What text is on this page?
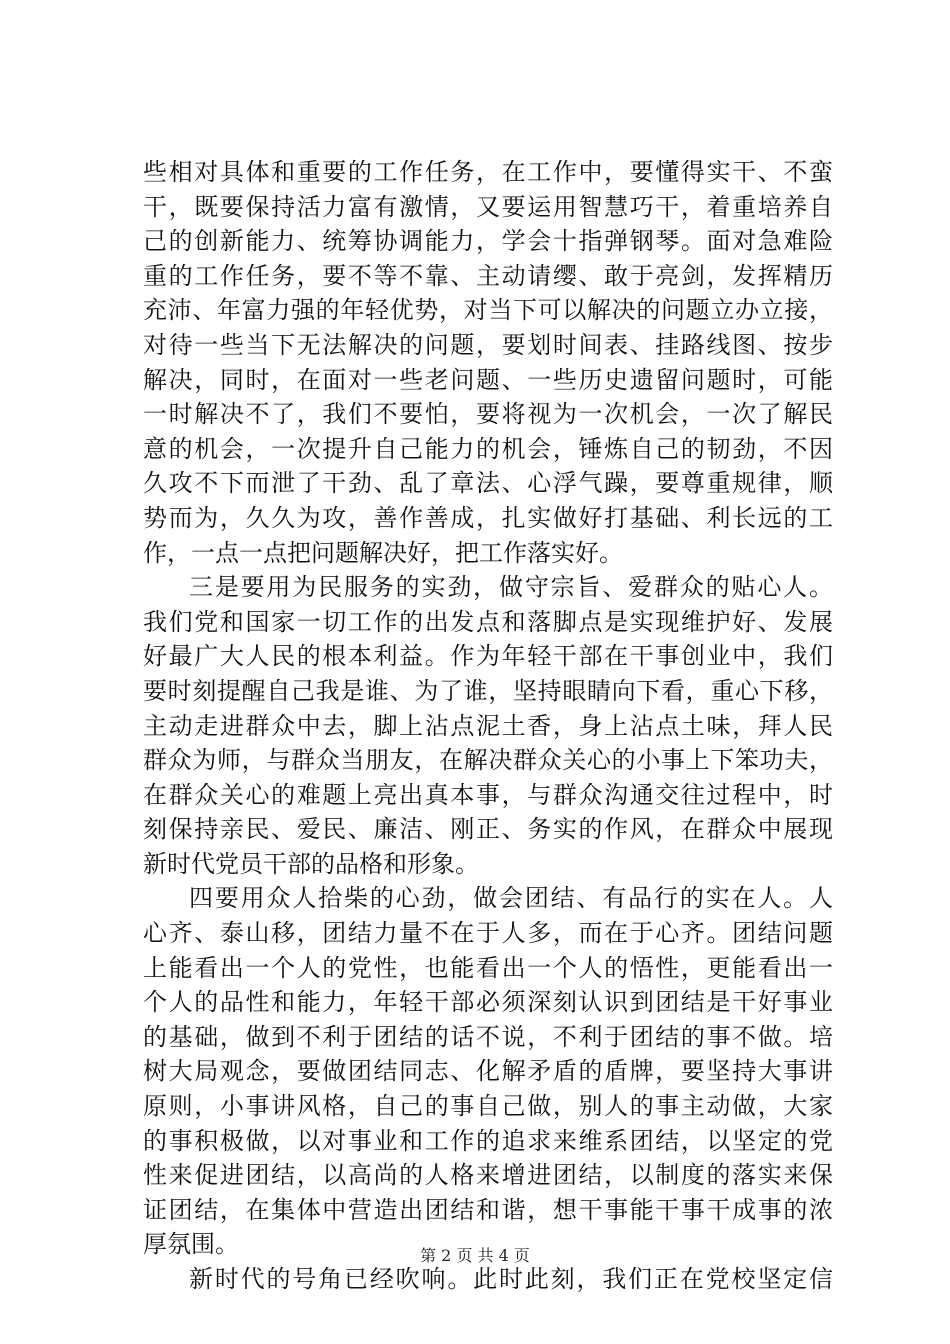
些相对具体和重要的工作任务，在工作中，要懂得实干、不蛮
干，既要保持活力富有激情，又要运用智慧巧干，着重培养自
己的创新能力、统筹协调能力，学会十指弹钢琴。面对急难险
重的工作任务，要不等不靠、主动请缨、敢于亮剑，发挥精历
充沛、年富力强的年轻优势，对当下可以解决的问题立办立接，
对待一些当下无法解决的问题，要划时间表、挂路线图、按步
解决，同时，在面对一些老问题、一些历史遗留问题时，可能
一时解决不了，我们不要怕，要将视为一次机会，一次了解民
意的机会，一次提升自己能力的机会，锤炼自己的韧劲，不因
久攻不下而泄了干劲、乱了章法、心浮气躁，要尊重规律，顺
势而为，久久为攻，善作善成，扎实做好打基础、利长远的工
作，一点一点把问题解决好，把工作落实好。
三是要用为民服务的实劲，做守宗旨、爱群众的贴心人。
我们党和国家一切工作的出发点和落脚点是实现维护好、发展
好最广大人民的根本利益。作为年轻干部在干事创业中，我们
要时刻提醒自己我是谁、为了谁，坚持眼睛向下看，重心下移，
主动走进群众中去，脚上沾点泥土香，身上沾点土味，拜人民
群众为师，与群众当朋友，在解决群众关心的小事上下笨功夫，
在群众关心的难题上亮出真本事，与群众沟通交往过程中，时
刻保持亲民、爱民、廉洁、刚正、务实的作风，在群众中展现
新时代党员干部的品格和形象。
四要用众人拾柴的心劲，做会团结、有品行的实在人。人
心齐、泰山移，团结力量不在于人多，而在于心齐。团结问题
上能看出一个人的党性，也能看出一个人的悟性，更能看出一
个人的品性和能力，年轻干部必须深刻认识到团结是干好事业
的基础，做到不利于团结的话不说，不利于团结的事不做。培
树大局观念，要做团结同志、化解矛盾的盾牌，要坚持大事讲
原则，小事讲风格，自己的事自己做，别人的事主动做，大家
的事积极做，以对事业和工作的追求来维系团结，以坚定的党
性来促进团结，以高尚的人格来增进团结，以制度的落实来保
证团结，在集体中营造出团结和谐，想干事能干事干成事的浓
厚氛围。
新时代的号角已经吹响。此时此刻，我们正在党校坚定信
第 2 页 共 4 页
